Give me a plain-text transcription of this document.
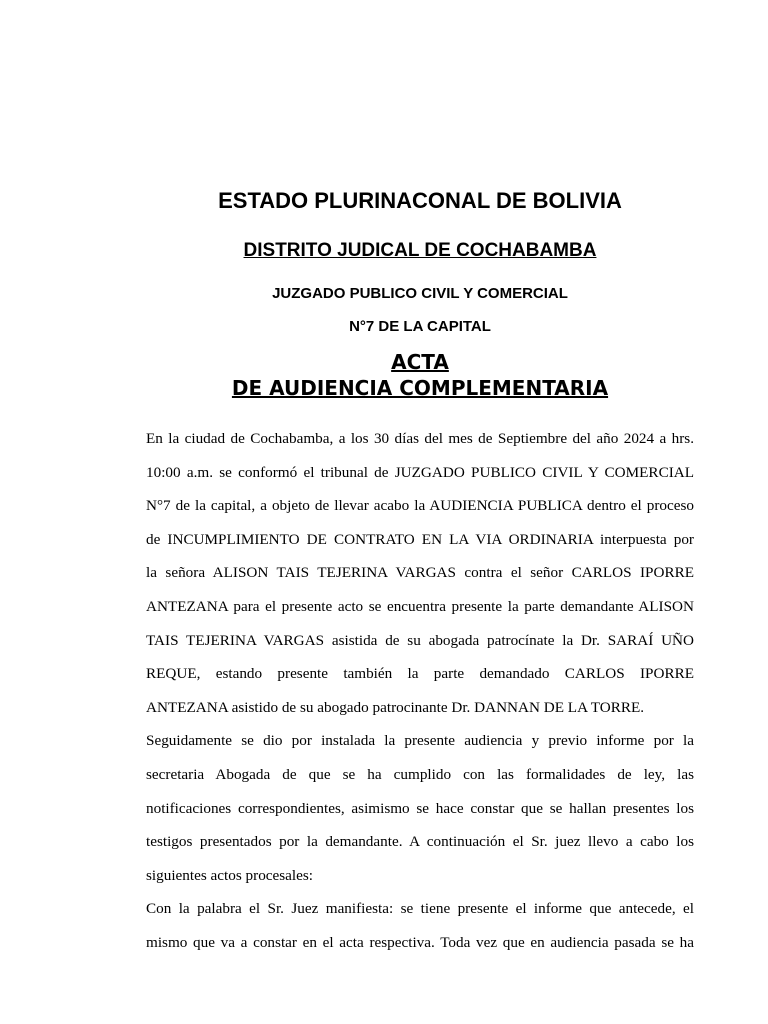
ESTADO PLURINACONAL DE BOLIVIA
DISTRITO JUDICAL DE COCHABAMBA
JUZGADO PUBLICO CIVIL Y COMERCIAL
N°7 DE LA CAPITAL
ACTA
DE AUDIENCIA COMPLEMENTARIA
En la ciudad de Cochabamba, a los 30 días del mes de Septiembre del año 2024 a hrs.
10:00 a.m. se conformó el tribunal de JUZGADO PUBLICO CIVIL Y COMERCIAL
N°7 de la capital, a objeto de llevar acabo la AUDIENCIA PUBLICA dentro el proceso
de INCUMPLIMIENTO DE CONTRATO EN LA VIA ORDINARIA interpuesta por
la señora ALISON TAIS TEJERINA VARGAS contra el señor CARLOS IPORRE
ANTEZANA para el presente acto se encuentra presente la parte demandante ALISON
TAIS TEJERINA VARGAS asistida de su abogada patrocínate la Dr. SARAÍ UÑO
REQUE, estando presente también la parte demandado CARLOS IPORRE
ANTEZANA asistido de su abogado patrocinante Dr. DANNAN DE LA TORRE.
Seguidamente se dio por instalada la presente audiencia y previo informe por la
secretaria Abogada de que se ha cumplido con las formalidades de ley, las
notificaciones correspondientes, asimismo se hace constar que se hallan presentes los
testigos presentados por la demandante. A continuación el Sr. juez llevo a cabo los
siguientes actos procesales:
Con la palabra el Sr. Juez manifiesta: se tiene presente el informe que antecede, el
mismo que va a constar en el acta respectiva. Toda vez que en audiencia pasada se ha
